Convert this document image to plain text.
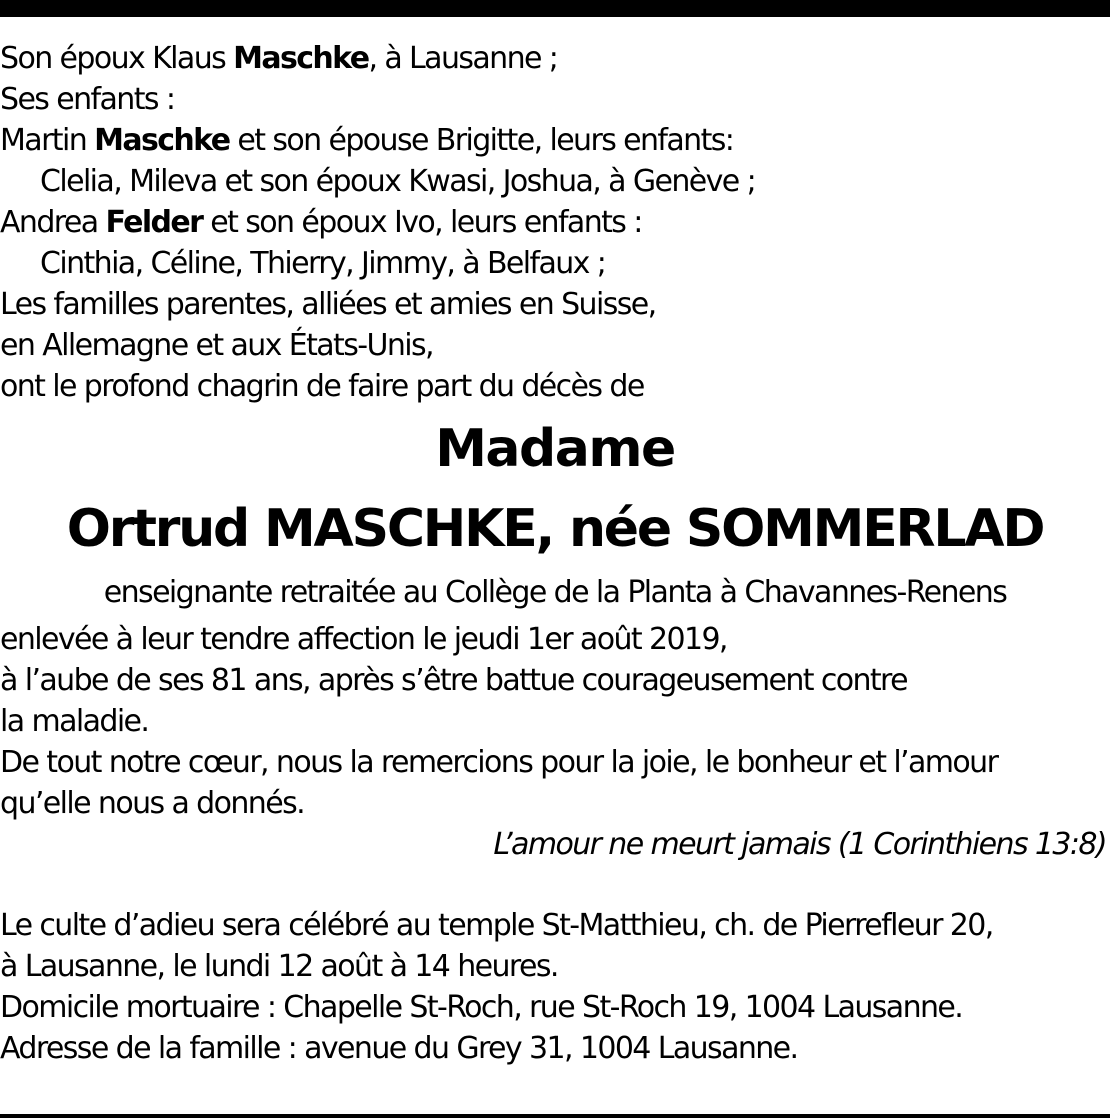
Son époux Klaus Maschke, à Lausanne ;
Ses enfants :
Martin Maschke et son épouse Brigitte, leurs enfants:
Clelia, Mileva et son époux Kwasi, Joshua, à Genève ;
Andrea Felder et son époux Ivo, leurs enfants :
Cinthia, Céline, Thierry, Jimmy, à Belfaux ;
Les familles parentes, alliées et amies en Suisse,
en Allemagne et aux États-Unis,
ont le profond chagrin de faire part du décès de
Madame
Ortrud MASCHKE, née SOMMERLAD
enseignante retraitée au Collège de la Planta à Chavannes-Renens
enlevée à leur tendre affection le jeudi 1er août 2019,
à l’aube de ses 81 ans, après s’être battue courageusement contre
la maladie.
De tout notre cœur, nous la remercions pour la joie, le bonheur et l’amour
qu’elle nous a donnés.
L’amour ne meurt jamais (1 Corinthiens 13:8)
Le culte d’adieu sera célébré au temple St-Matthieu, ch. de Pierrefleur 20,
à Lausanne, le lundi 12 août à 14 heures.
Domicile mortuaire : Chapelle St-Roch, rue St-Roch 19, 1004 Lausanne.
Adresse de la famille : avenue du Grey 31, 1004 Lausanne.
